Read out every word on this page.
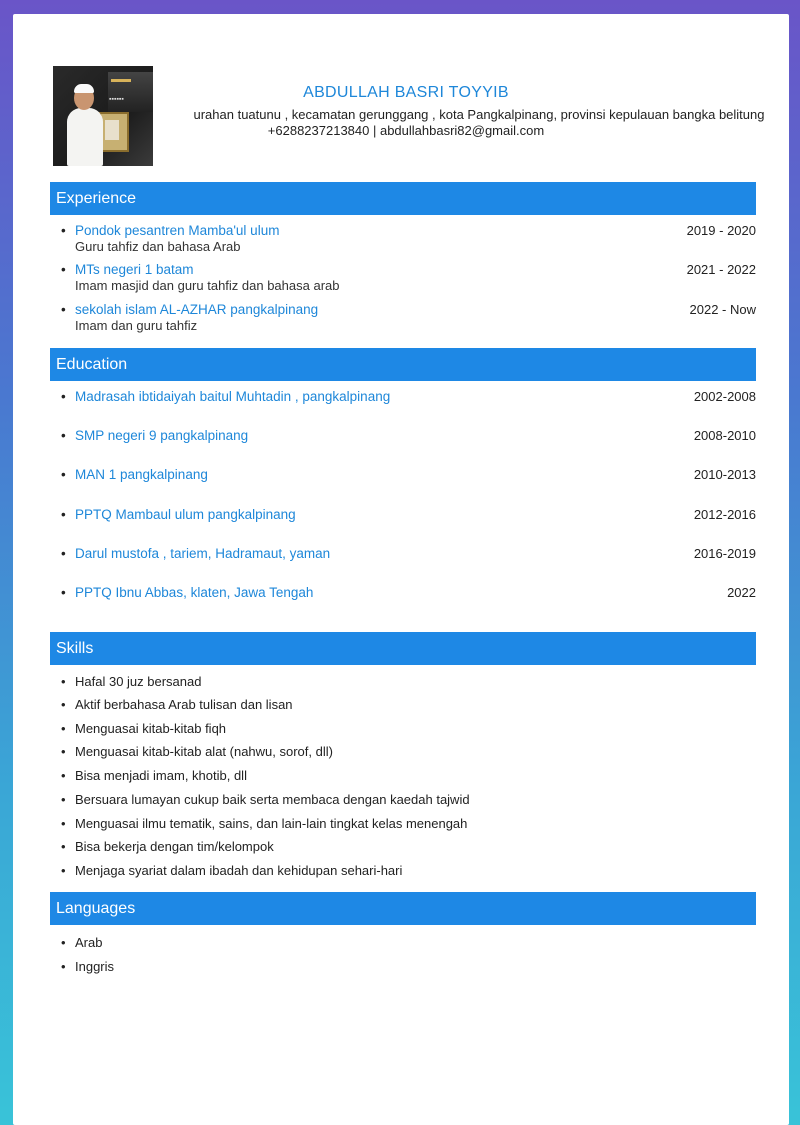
▬▬
▪▪▪▪▪▪	ABDULLAH BASRI TOYYIB
urahan tuatunu , kecamatan gerunggang , kota Pangkalpinang, provinsi kepulauan bangka belitung
+6288237213840 | abdullahbasri82@gmail.com
Experience
• Pondok pesantren Mamba'ul ulum
Guru tahfiz dan bahasa Arab
2019 - 2020
• MTs negeri 1 batam
Imam masjid dan guru tahfiz dan bahasa arab
2021 - 2022
• sekolah islam AL-AZHAR pangkalpinang
Imam dan guru tahfiz
2022 - Now
Education
• Madrasah ibtidaiyah baitul Muhtadin , pangkalpinang	2002-2008
• SMP negeri 9 pangkalpinang	2008-2010
• MAN 1 pangkalpinang	2010-2013
• PPTQ Mambaul ulum pangkalpinang	2012-2016
• Darul mustofa , tariem, Hadramaut, yaman	2016-2019
• PPTQ Ibnu Abbas, klaten, Jawa Tengah	2022
Skills
• Hafal 30 juz bersanad
• Aktif berbahasa Arab tulisan dan lisan
• Menguasai kitab-kitab fiqh
• Menguasai kitab-kitab alat (nahwu, sorof, dll)
• Bisa menjadi imam, khotib, dll
• Bersuara lumayan cukup baik serta membaca dengan kaedah tajwid
• Menguasai ilmu tematik, sains, dan lain-lain tingkat kelas menengah
• Bisa bekerja dengan tim/kelompok
• Menjaga syariat dalam ibadah dan kehidupan sehari-hari
Languages
• Arab
• Inggris
